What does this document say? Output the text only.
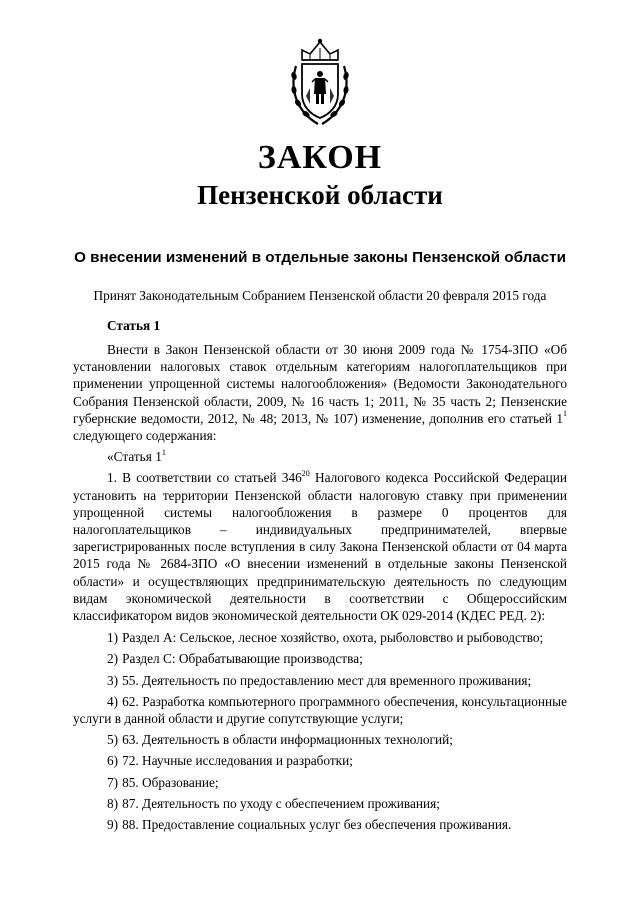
ЗАКОН
Пензенской области
О внесении изменений в отдельные законы Пензенской области
Принят Законодательным Собранием Пензенской области 20 февраля 2015 года
Статья 1

Внести в Закон Пензенской области от 30 июня 2009 года № 1754-ЗПО «Об установлении налоговых ставок отдельным категориям налогоплательщиков при применении упрощенной системы налогообложения» (Ведомости Законодательного Собрания Пензенской области, 2009, № 16 часть 1; 2011, № 35 часть 2; Пензенские губернские ведомости, 2012, № 48; 2013, № 107) изменение, дополнив его статьей $1^1$ следующего содержания:

«Статья $1^1$

1. В соответствии со статьей $346^{20}$ Налогового кодекса Российской Федерации установить на территории Пензенской области налоговую ставку при применении упрощенной системы налогообложения в размере 0 процентов для налогоплательщиков – индивидуальных предпринимателей, впервые зарегистрированных после вступления в силу Закона Пензенской области от 04 марта 2015 года № 2684-ЗПО «О внесении изменений в отдельные законы Пензенской области» и осуществляющих предпринимательскую деятельность по следующим видам экономической деятельности в соответствии с Общероссийским классификатором видов экономической деятельности ОК 029-2014 (КДЕС РЕД. 2):

1) Раздел А: Сельское, лесное хозяйство, охота, рыболовство и рыбоводство;
2) Раздел С: Обрабатывающие производства;
3) 55. Деятельность по предоставлению мест для временного проживания;
4) 62. Разработка компьютерного программного обеспечения, консультационные услуги в данной области и другие сопутствующие услуги;
5) 63. Деятельность в области информационных технологий;
6) 72. Научные исследования и разработки;
7) 85. Образование;
8) 87. Деятельность по уходу с обеспечением проживания;
9) 88. Предоставление социальных услуг без обеспечения проживания.
